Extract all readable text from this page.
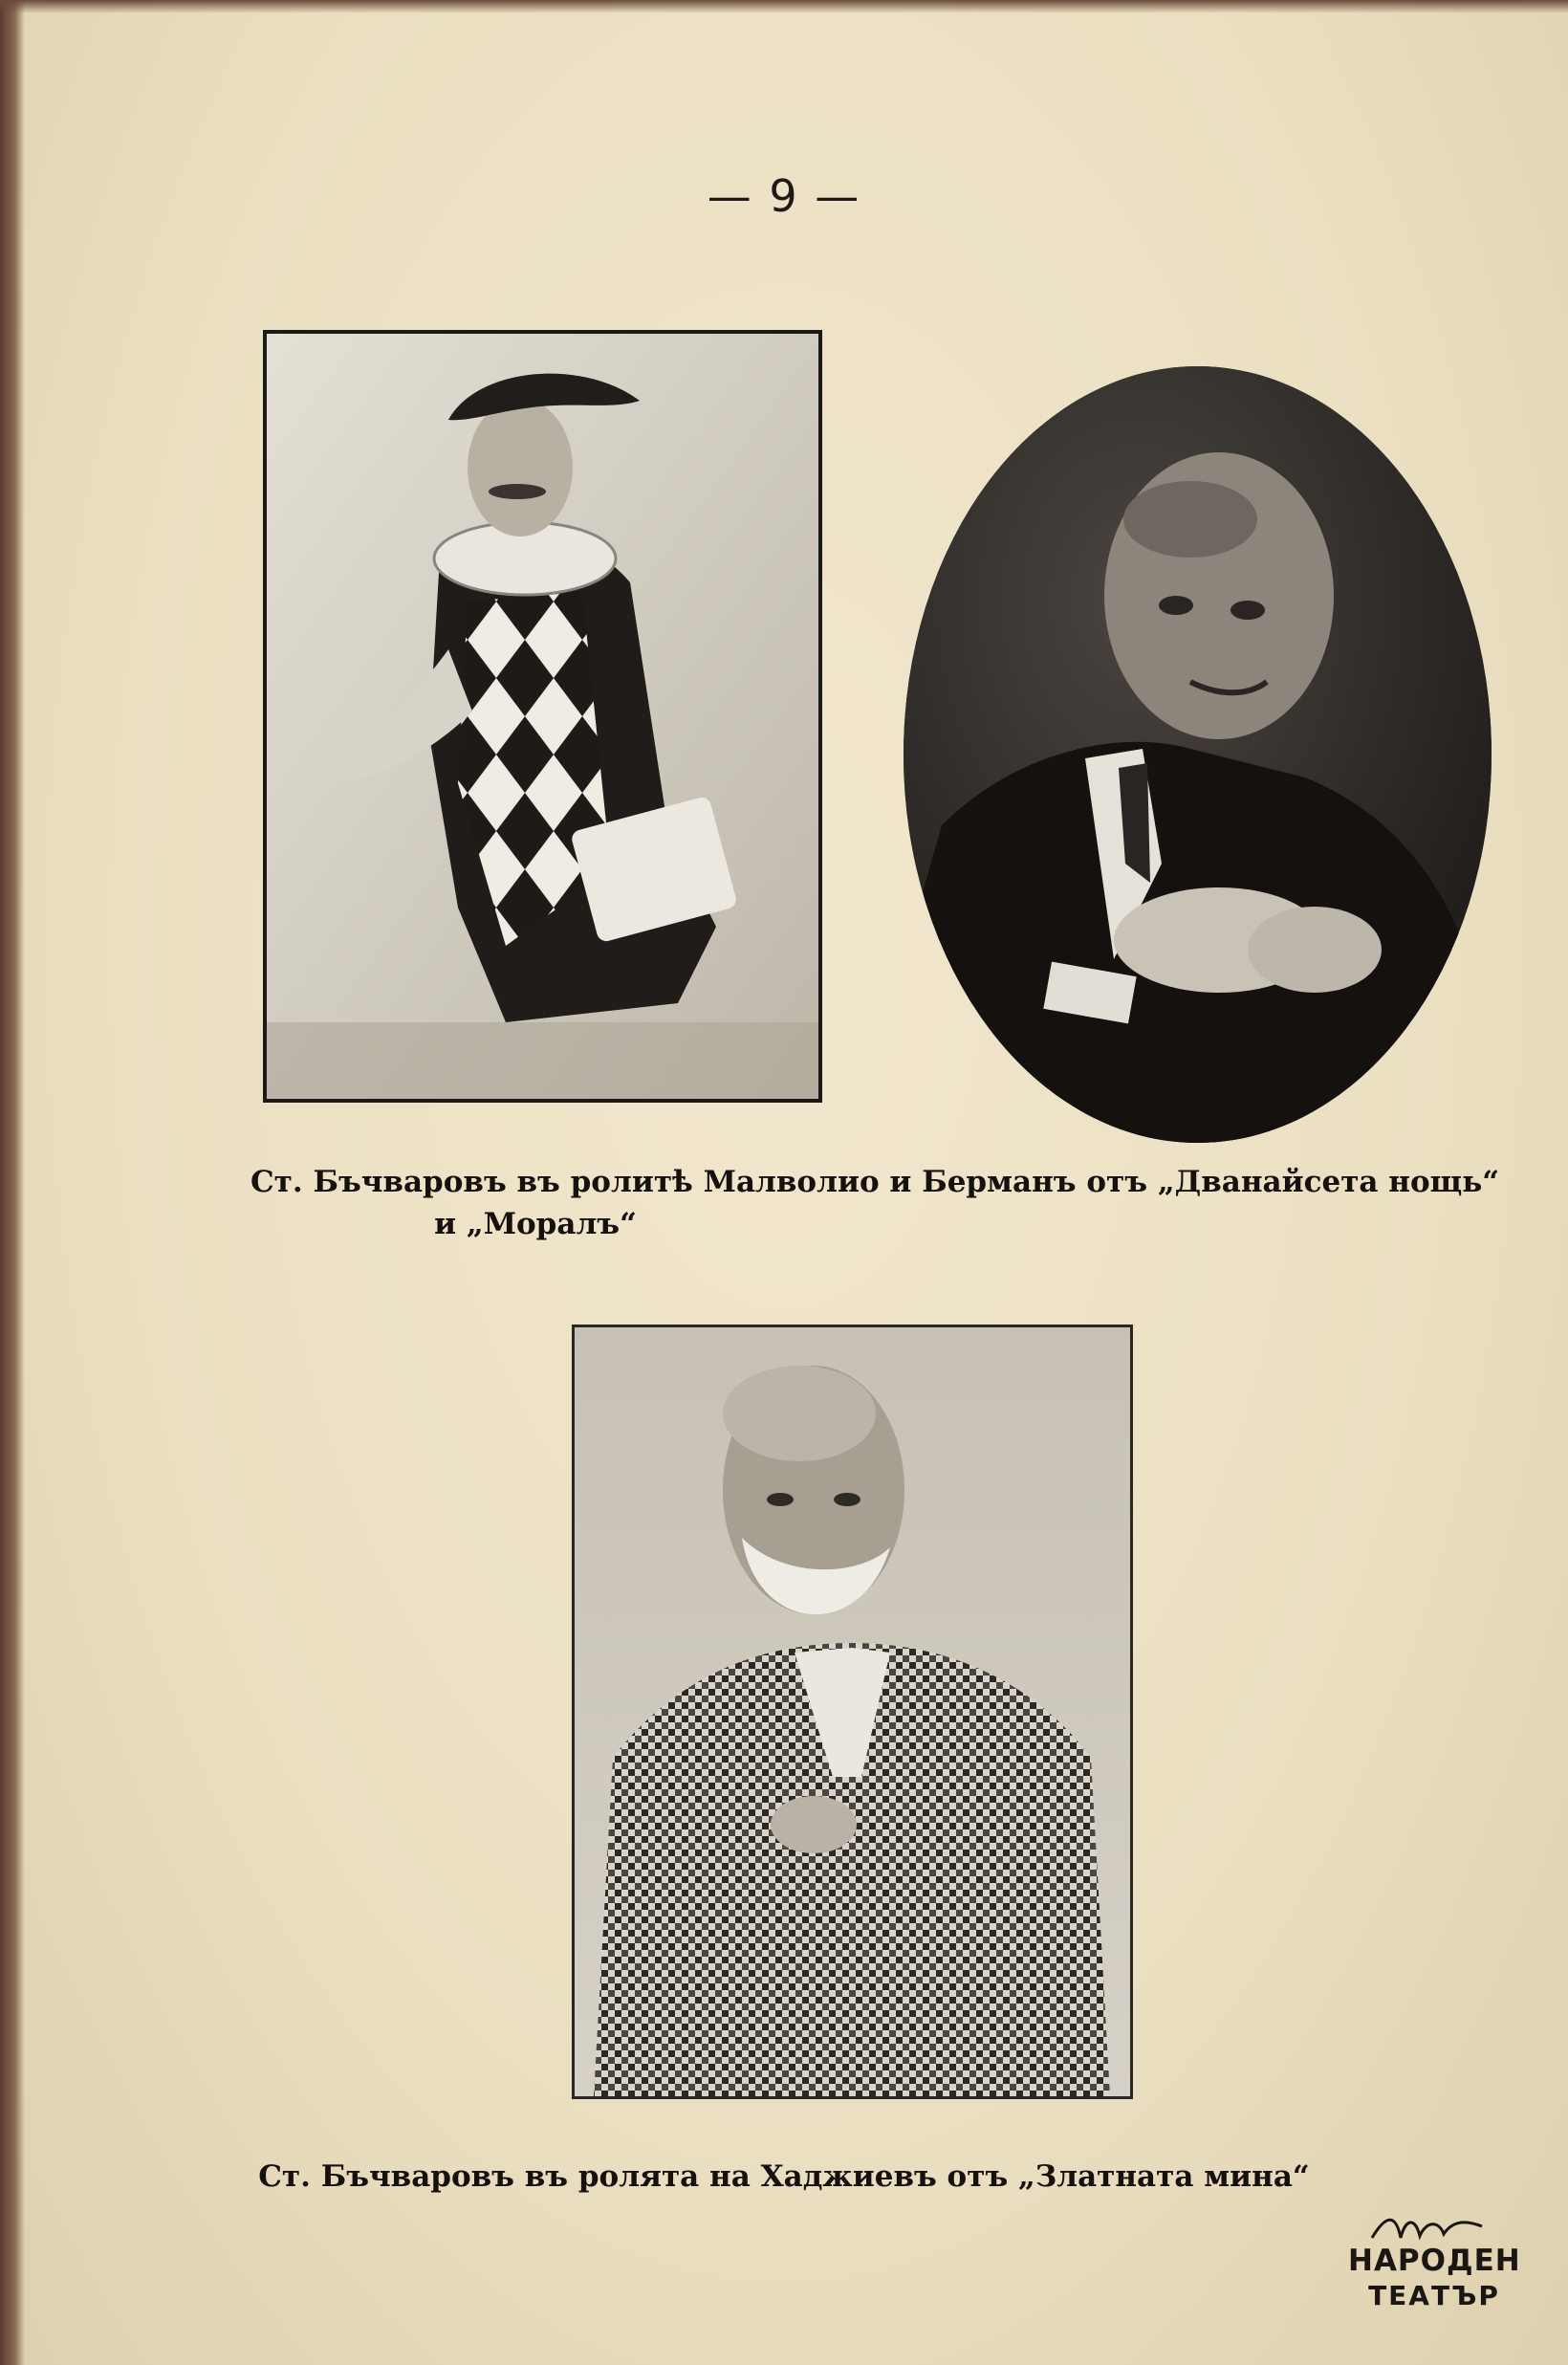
— 9 —
Ст. Бъчваровъ въ ролитѣ Малволио и Берманъ отъ „Дванайсета нощь“
и „Моралъ“
Ст. Бъчваровъ въ ролята на Хаджиевъ отъ „Златната мина“
НАРОДЕН
ТЕАТЪР
